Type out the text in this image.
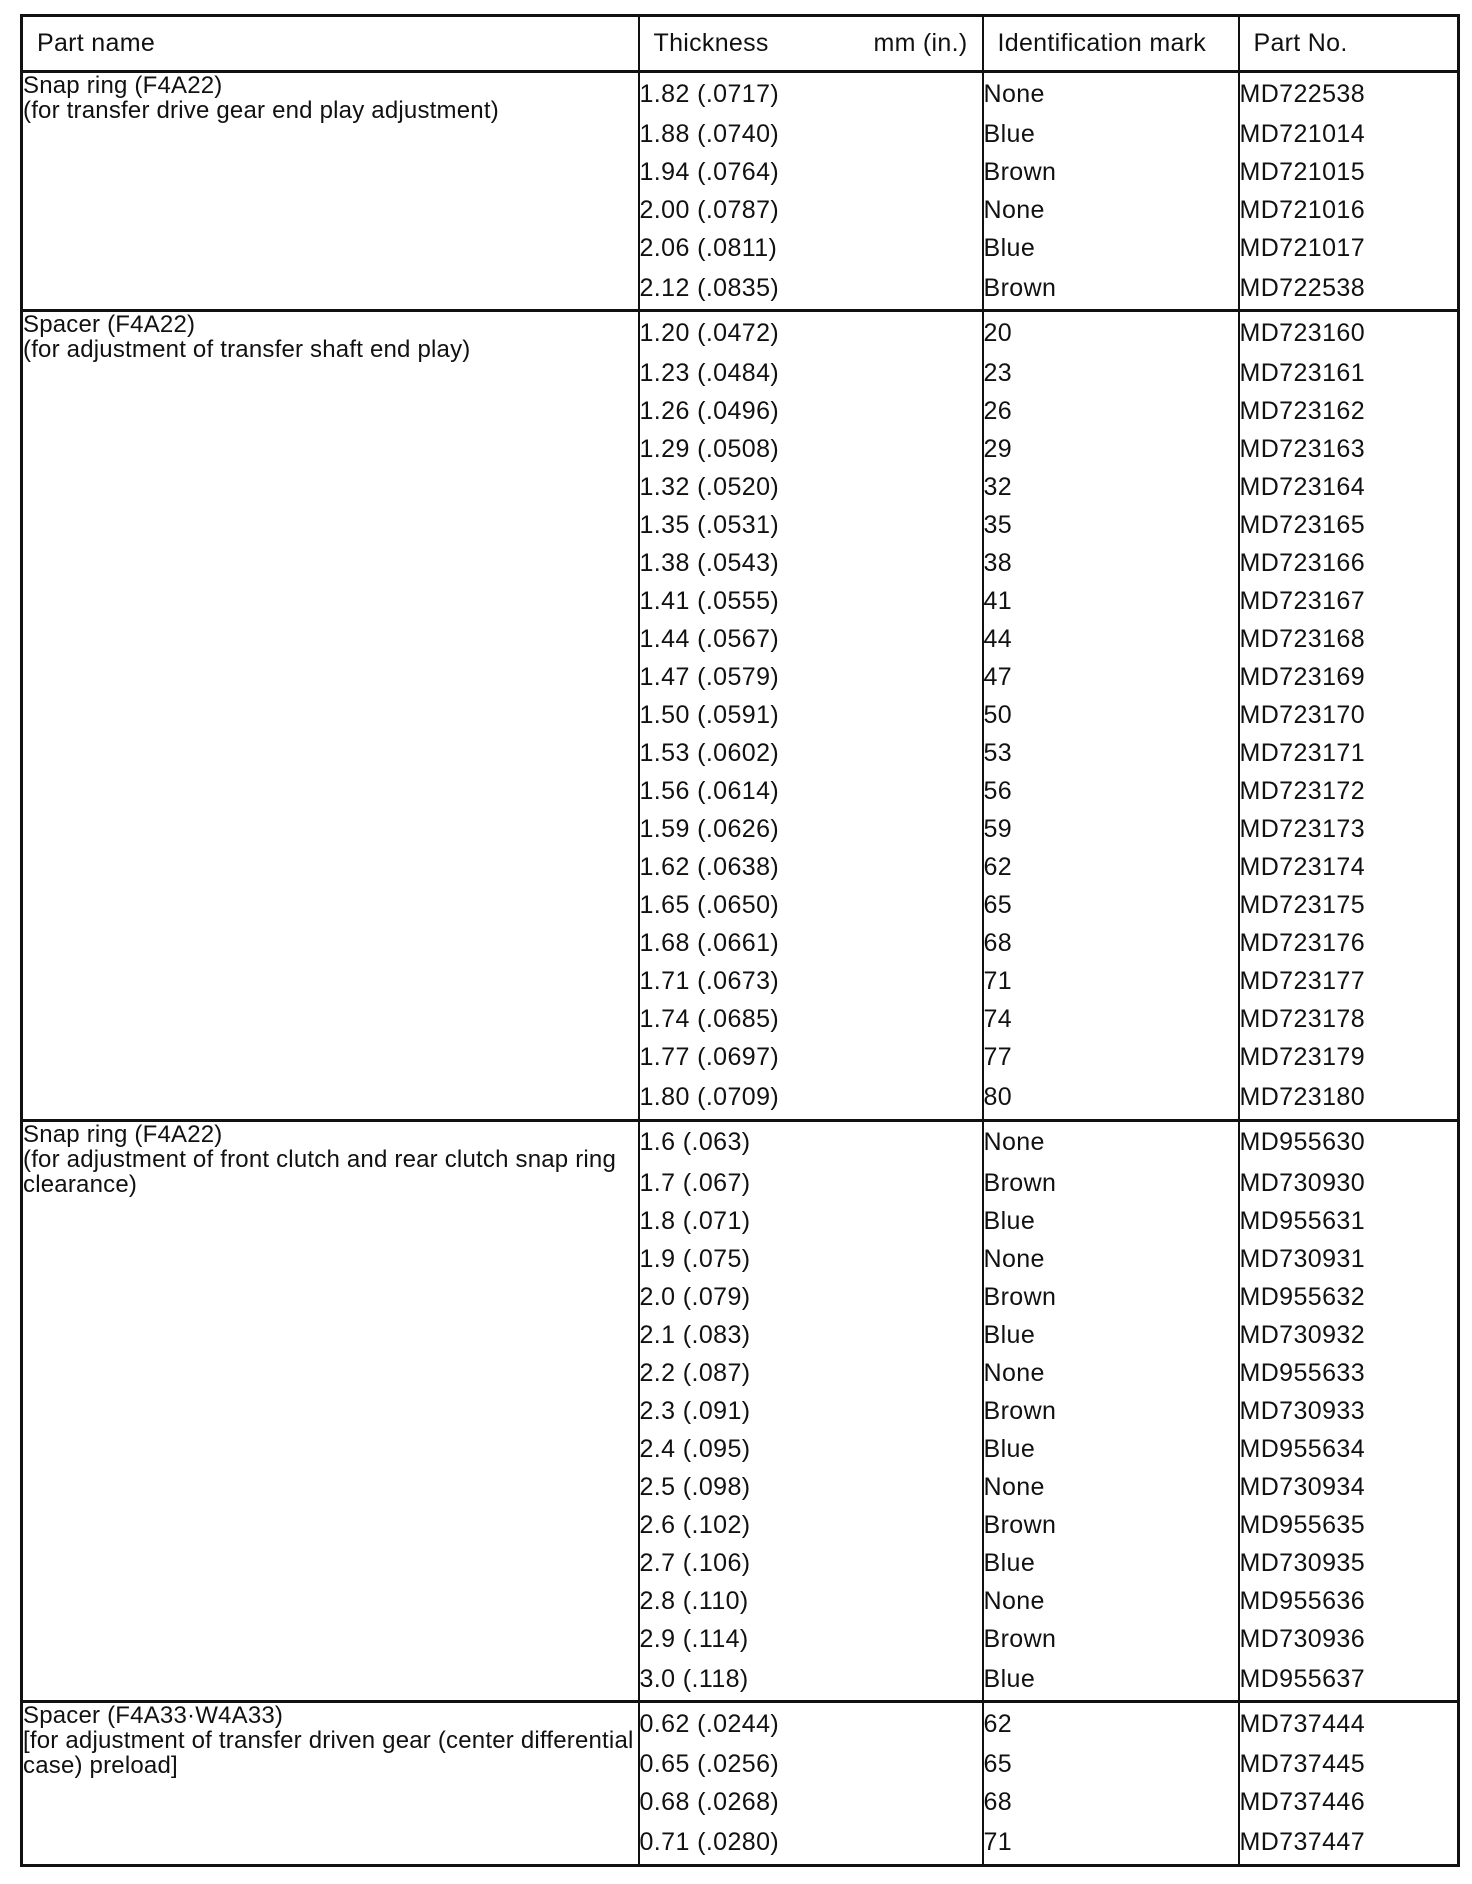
Part name	Thickness mm (in.)	Identification mark	Part No.

Snap ring (F4A22)
(for transfer drive gear end play adjustment)	1.82 (.0717)	None	MD722538
	1.88 (.0740)	Blue	MD721014
	1.94 (.0764)	Brown	MD721015
	2.00 (.0787)	None	MD721016
	2.06 (.0811)	Blue	MD721017
	2.12 (.0835)	Brown	MD722538

Spacer (F4A22)
(for adjustment of transfer shaft end play)	1.20 (.0472)	20	MD723160
	1.23 (.0484)	23	MD723161
	1.26 (.0496)	26	MD723162
	1.29 (.0508)	29	MD723163
	1.32 (.0520)	32	MD723164
	1.35 (.0531)	35	MD723165
	1.38 (.0543)	38	MD723166
	1.41 (.0555)	41	MD723167
	1.44 (.0567)	44	MD723168
	1.47 (.0579)	47	MD723169
	1.50 (.0591)	50	MD723170
	1.53 (.0602)	53	MD723171
	1.56 (.0614)	56	MD723172
	1.59 (.0626)	59	MD723173
	1.62 (.0638)	62	MD723174
	1.65 (.0650)	65	MD723175
	1.68 (.0661)	68	MD723176
	1.71 (.0673)	71	MD723177
	1.74 (.0685)	74	MD723178
	1.77 (.0697)	77	MD723179
	1.80 (.0709)	80	MD723180

Snap ring (F4A22)
(for adjustment of front clutch and rear clutch snap ring clearance)	1.6 (.063)	None	MD955630
	1.7 (.067)	Brown	MD730930
	1.8 (.071)	Blue	MD955631
	1.9 (.075)	None	MD730931
	2.0 (.079)	Brown	MD955632
	2.1 (.083)	Blue	MD730932
	2.2 (.087)	None	MD955633
	2.3 (.091)	Brown	MD730933
	2.4 (.095)	Blue	MD955634
	2.5 (.098)	None	MD730934
	2.6 (.102)	Brown	MD955635
	2.7 (.106)	Blue	MD730935
	2.8 (.110)	None	MD955636
	2.9 (.114)	Brown	MD730936
	3.0 (.118)	Blue	MD955637

Spacer (F4A33·W4A33)
[for adjustment of transfer driven gear (center differential case) preload]	0.62 (.0244)	62	MD737444
	0.65 (.0256)	65	MD737445
	0.68 (.0268)	68	MD737446
	0.71 (.0280)	71	MD737447
